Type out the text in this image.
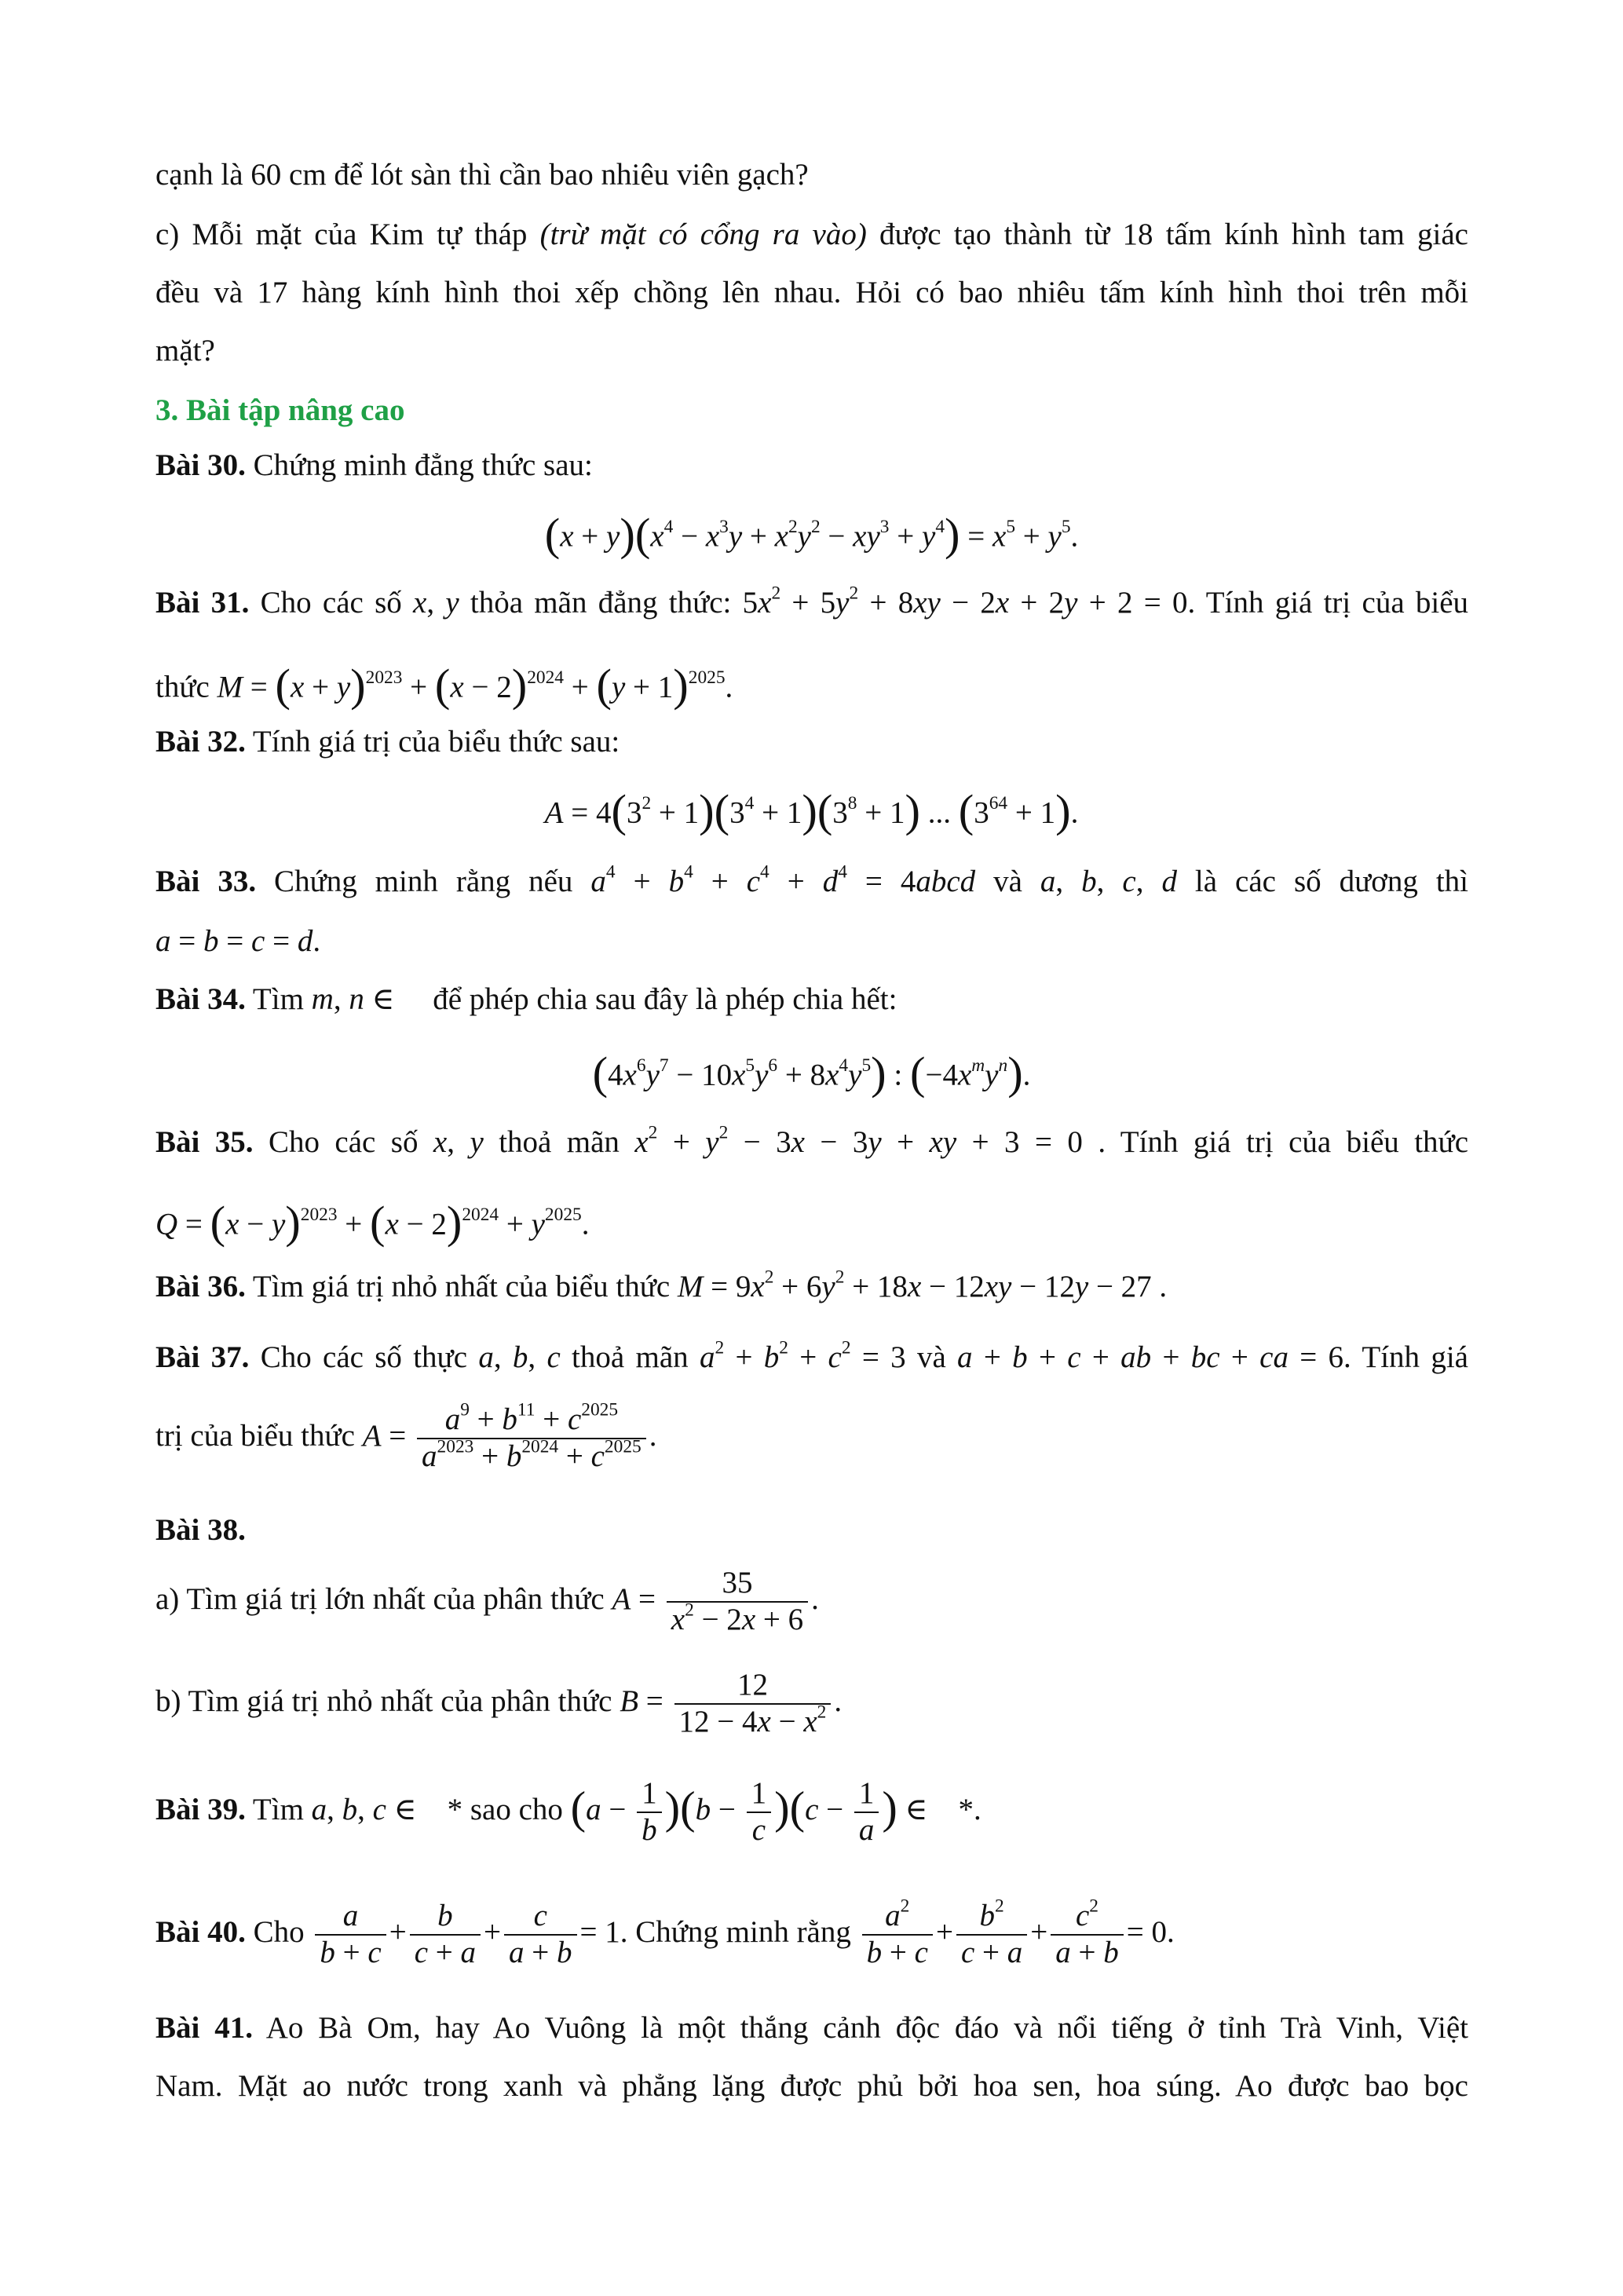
cạnh là 60 cm để lót sàn thì cần bao nhiêu viên gạch?
c) Mỗi mặt của Kim tự tháp (trừ mặt có cổng ra vào) được tạo thành từ 18 tấm kính hình tam giác
đều và 17 hàng kính hình thoi xếp chồng lên nhau. Hỏi có bao nhiêu tấm kính hình thoi trên mỗi
mặt?
3. Bài tập nâng cao
Bài 30. Chứng minh đẳng thức sau:
$(x + y)(x^4 - x^3y + x^2y^2 - xy^3 + y^4) = x^5 + y^5$.
Bài 31. Cho các số x, y thỏa mãn đẳng thức: $5x^2 + 5y^2 + 8xy - 2x + 2y + 2 = 0$. Tính giá trị của biểu
thức $M = (x + y)^{2023} + (x - 2)^{2024} + (y + 1)^{2025}$.
Bài 32. Tính giá trị của biểu thức sau:
$A = 4(3^2 + 1)(3^4 + 1)(3^8 + 1)$ ... $(3^{64} + 1)$.
Bài 33. Chứng minh rằng nếu $a^4 + b^4 + c^4 + d^4$ = 4abcd và a, b, c, d là các số dương thì
a = b = c = d.
Bài 34. Tìm m, n ∈     để phép chia sau đây là phép chia hết:
$(4x^6y^7 - 10x^5y^6 + 8x^4y^5)$ : $(-4x^my^n)$.
Bài 35. Cho các số x, y thoả mãn $x^2 + y^2 - 3x - 3y$ + xy + 3 = 0 . Tính giá trị của biểu thức
$Q = (x - y)^{2023} + (x - 2)^{2024} + y^{2025}$.
Bài 36. Tìm giá trị nhỏ nhất của biểu thức $M = 9x^2 + 6y^2 + 18x - 12xy - 12y - 27$ .
Bài 37. Cho các số thực a, b, c thoả mãn $a^2 + b^2 + c^2 = 3$ và a + b + c + ab + bc + ca = 6. Tính giá
trị của biểu thức $A = \frac{a^9 + b^{11} + c^{2025}}{a^{2023} + b^{2024} + c^{2025}}$ .
Bài 38.
a) Tìm giá trị lớn nhất của phân thức $A = \frac{35}{x^2 - 2x + 6}$ .
b) Tìm giá trị nhỏ nhất của phân thức $B = \frac{12}{12 - 4x - x^2}$ .
Bài 39. Tìm a, b, c ∈    * sao cho $(a - \frac{1}{b} )(b - \frac{1}{c} )(c - \frac{1}{a}$ ) ∈    *.
Bài 40. Cho $\frac{a}{b + c} + \frac{b}{c + a} + \frac{c}{a + b} = 1$. Chứng minh rằng $\frac{a^2}{b + c} + \frac{b^2}{c + a} + \frac{c^2}{a + b} = 0$.
Bài 41. Ao Bà Om, hay Ao Vuông là một thắng cảnh độc đáo và nổi tiếng ở tỉnh Trà Vinh, Việt
Nam. Mặt ao nước trong xanh và phẳng lặng được phủ bởi hoa sen, hoa súng. Ao được bao bọc
